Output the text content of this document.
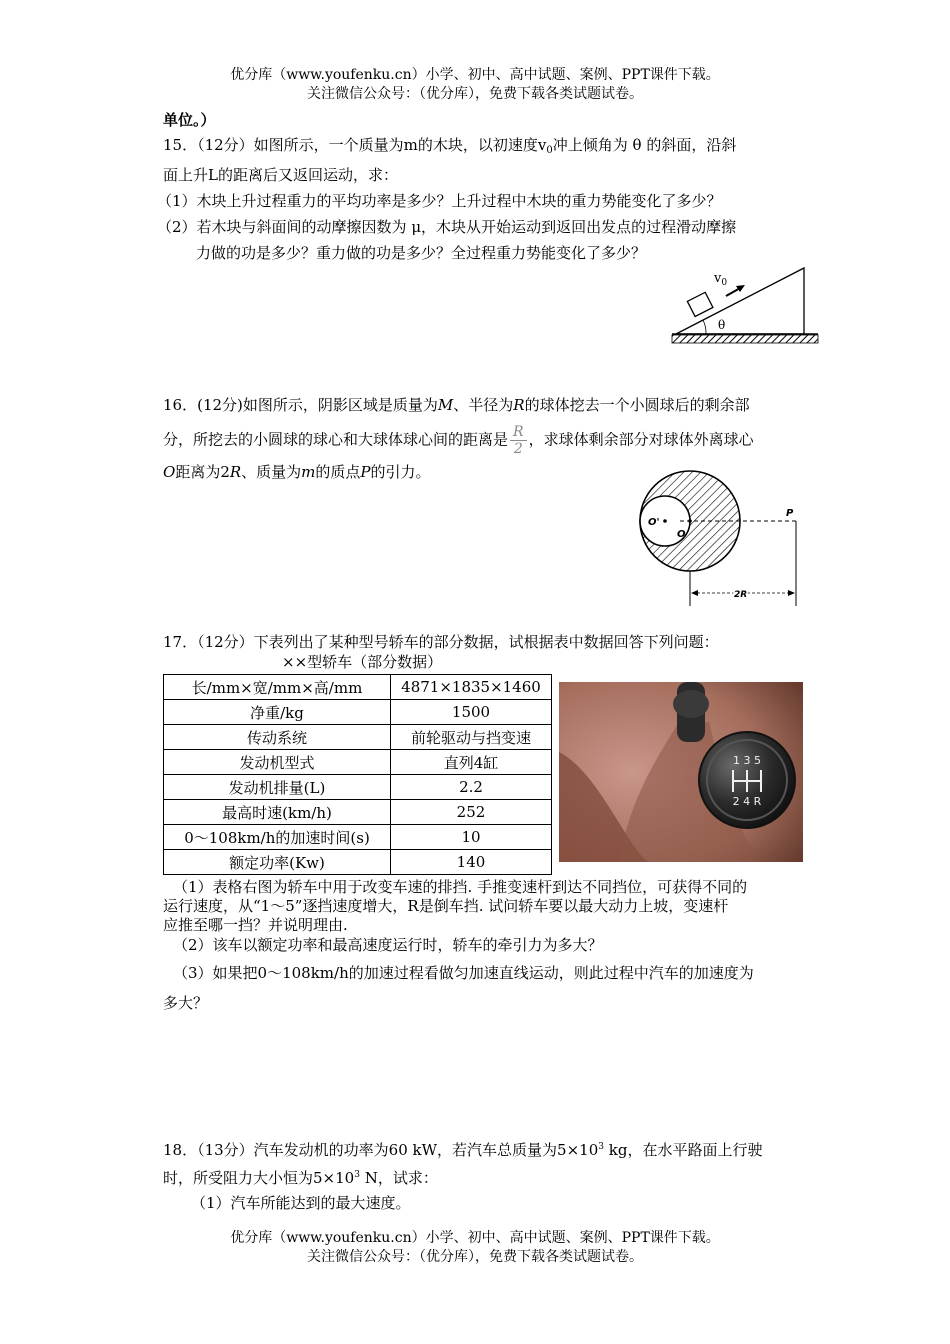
优分库（www.youfenku.cn）小学、初中、高中试题、案例、PPT课件下载。
关注微信公众号：（优分库），免费下载各类试题试卷。
单位。）
15．（12分）如图所示，一个质量为m的木块，以初速度$v_0$冲上倾角为 θ 的斜面，沿斜
面上升L的距离后又返回运动，求：
（1）木块上升过程重力的平均功率是多少？上升过程中木块的重力势能变化了多少？
（2）若木块与斜面间的动摩擦因数为 μ，木块从开始运动到返回出发点的过程滑动摩擦
力做的功是多少？重力做的功是多少？全过程重力势能变化了多少？
$v_0$
θ
16．(12分)如图所示，阴影区域是质量为M、半径为R的球体挖去一个小圆球后的剩余部
分，所挖去的小圆球的球心和大球体球心间的距离是 $\frac{R}{2}$ ，求球体剩余部分对球体外离球心
O距离为2R、质量为m的质点P的引力。
O'
O
P
2R
17．（12分）下表列出了某种型号轿车的部分数据，试根据表中数据回答下列问题：
××型轿车（部分数据）
长/mm×宽/mm×高/mm	4871×1835×1460
净重/kg	1500
传动系统	前轮驱动与挡变速
发动机型式	直列4缸
发动机排量(L)	2.2
最高时速(km/h)	252
0～108km/h的加速时间(s)	10
额定功率(Kw)	140
1 3 5
2 4 R
（1）表格右图为轿车中用于改变车速的排挡. 手推变速杆到达不同挡位，可获得不同的
运行速度，从“1～5”逐挡速度增大，R是倒车挡. 试问轿车要以最大动力上坡，变速杆
应推至哪一挡？并说明理由.
（2）该车以额定功率和最高速度运行时，轿车的牵引力为多大？
（3）如果把0～108km/h的加速过程看做匀加速直线运动，则此过程中汽车的加速度为
多大？
18．（13分）汽车发动机的功率为60 kW，若汽车总质量为$5\times 10^3$ kg，在水平路面上行驶
时，所受阻力大小恒为$5\times 10^3$ N，试求：
（1）汽车所能达到的最大速度。
优分库（www.youfenku.cn）小学、初中、高中试题、案例、PPT课件下载。
关注微信公众号：（优分库），免费下载各类试题试卷。
